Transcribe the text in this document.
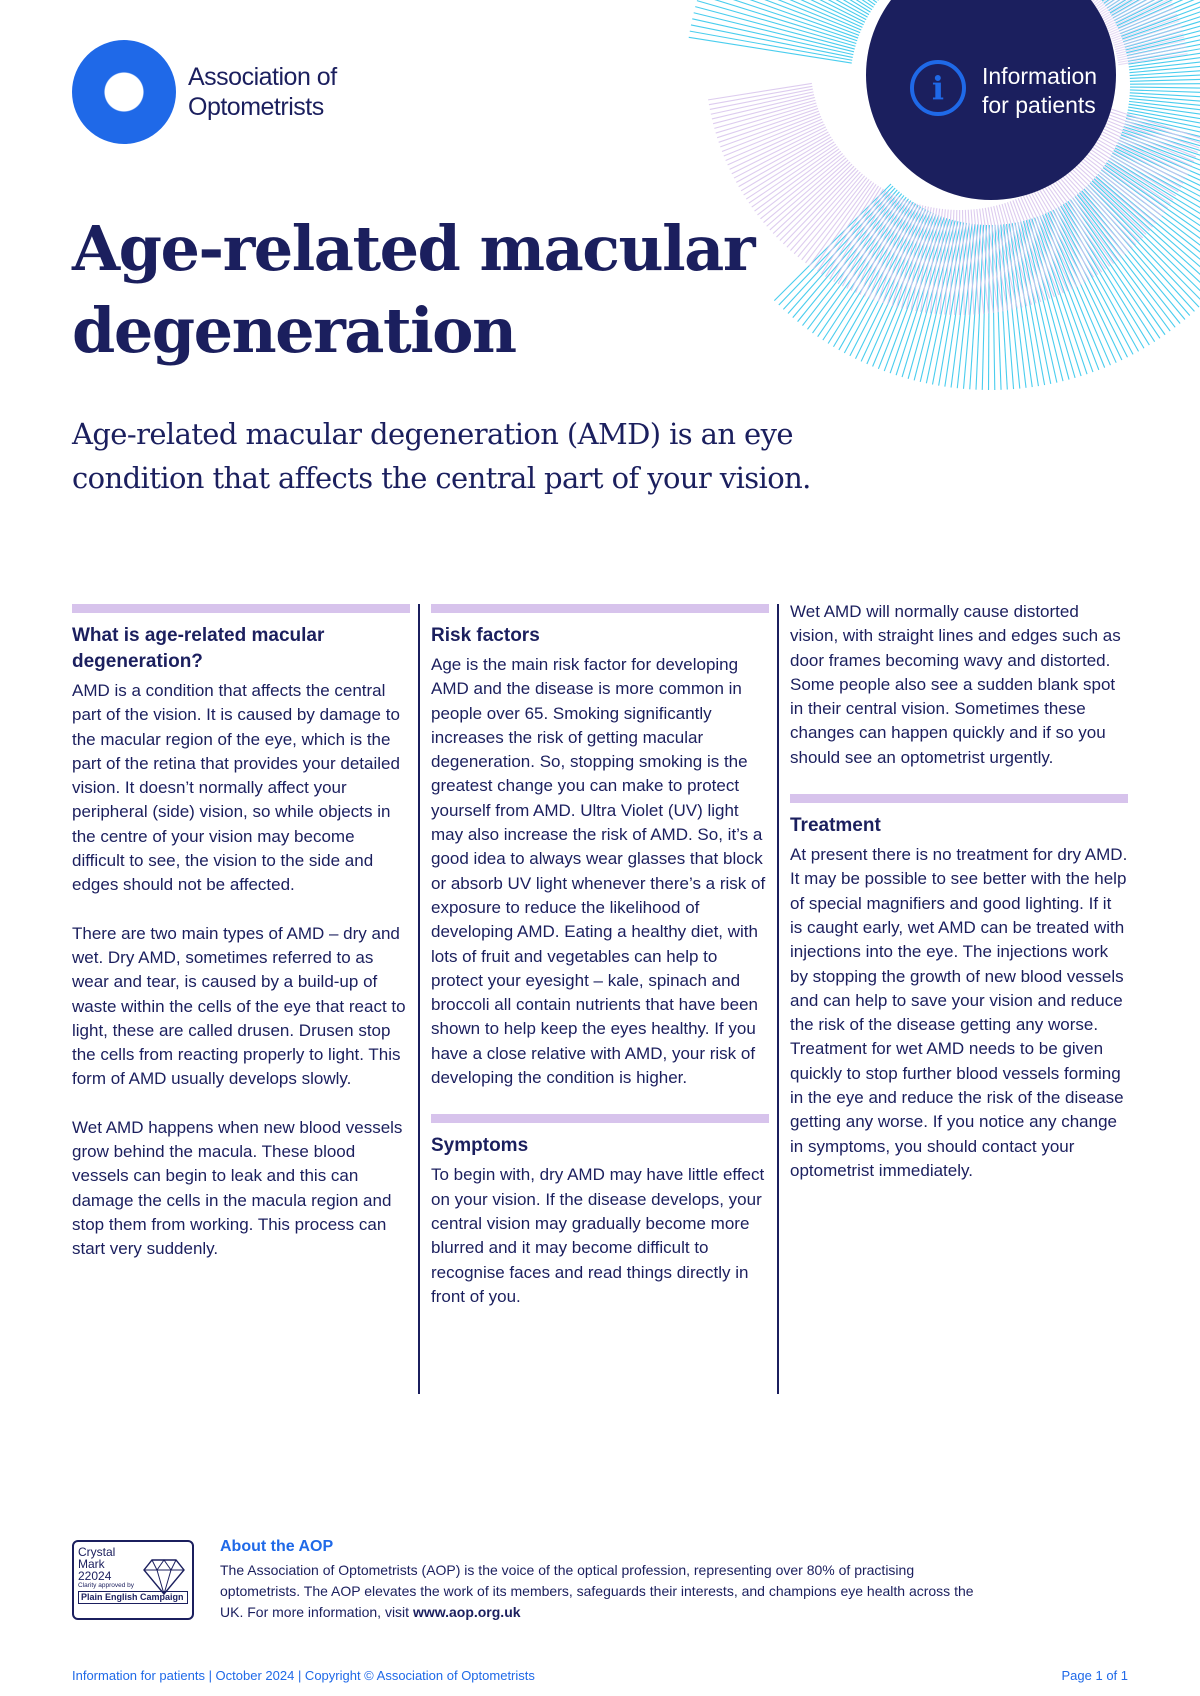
Association of
Optometrists	i	Information
for patients
Age-related macular degeneration

Age-related macular degeneration (AMD) is an eye condition that affects the central part of your vision.

What is age-related macular degeneration?

AMD is a condition that affects the central part of the vision. It is caused by damage to the macular region of the eye, which is the part of the retina that provides your detailed vision. It doesn’t normally affect your peripheral (side) vision, so while objects in the centre of your vision may become difficult to see, the vision to the side and edges should not be affected.

There are two main types of AMD – dry and wet. Dry AMD, sometimes referred to as wear and tear, is caused by a build-up of waste within the cells of the eye that react to light, these are called drusen. Drusen stop the cells from reacting properly to light. This form of AMD usually develops slowly.

Wet AMD happens when new blood vessels grow behind the macula. These blood vessels can begin to leak and this can damage the cells in the macula region and stop them from working. This process can start very suddenly.

Risk factors

Age is the main risk factor for developing AMD and the disease is more common in people over 65. Smoking significantly increases the risk of getting macular degeneration. So, stopping smoking is the greatest change you can make to protect yourself from AMD. Ultra Violet (UV) light may also increase the risk of AMD. So, it’s a good idea to always wear glasses that block or absorb UV light whenever there’s a risk of exposure to reduce the likelihood of developing AMD. Eating a healthy diet, with lots of fruit and vegetables can help to protect your eyesight – kale, spinach and broccoli all contain nutrients that have been shown to help keep the eyes healthy. If you have a close relative with AMD, your risk of developing the condition is higher.

Symptoms

To begin with, dry AMD may have little effect on your vision. If the disease develops, your central vision may gradually become more blurred and it may become difficult to recognise faces and read things directly in front of you.

Wet AMD will normally cause distorted vision, with straight lines and edges such as door frames becoming wavy and distorted. Some people also see a sudden blank spot in their central vision. Sometimes these changes can happen quickly and if so you should see an optometrist urgently.

Treatment

At present there is no treatment for dry AMD. It may be possible to see better with the help of special magnifiers and good lighting. If it is caught early, wet AMD can be treated with injections into the eye. The injections work by stopping the growth of new blood vessels and can help to save your vision and reduce the risk of the disease getting any worse. Treatment for wet AMD needs to be given quickly to stop further blood vessels forming in the eye and reduce the risk of the disease getting any worse. If you notice any change in symptoms, you should contact your optometrist immediately.

Crystal
Mark
22024
Clarity approved by
Plain English Campaign
About the AOP

The Association of Optometrists (AOP) is the voice of the optical profession, representing over 80% of practising optometrists. The AOP elevates the work of its members, safeguards their interests, and champions eye health across the UK. For more information, visit www.aop.org.uk

Information for patients | October 2024 | Copyright © Association of Optometrists	Page 1 of 1
